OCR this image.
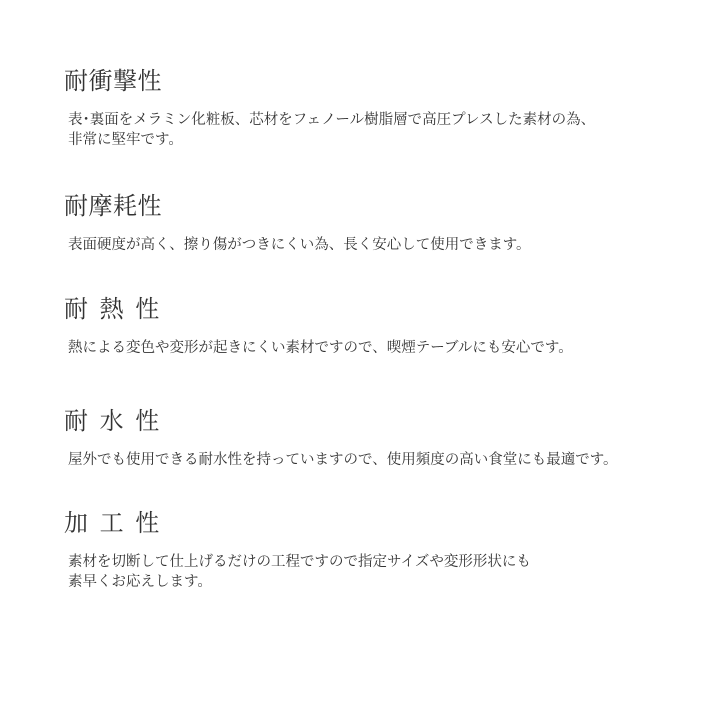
耐衝撃性

表･裏面をメラミン化粧板、芯材をフェノール樹脂層で高圧プレスした素材の為、
非常に堅牢です。

耐摩耗性

表面硬度が高く、擦り傷がつきにくい為、長く安心して使用できます。

耐 熱 性

熱による変色や変形が起きにくい素材ですので、喫煙テーブルにも安心です。

耐 水 性

屋外でも使用できる耐水性を持っていますので、使用頻度の高い食堂にも最適です。

加 工 性

素材を切断して仕上げるだけの工程ですので指定サイズや変形形状にも
素早くお応えします。
